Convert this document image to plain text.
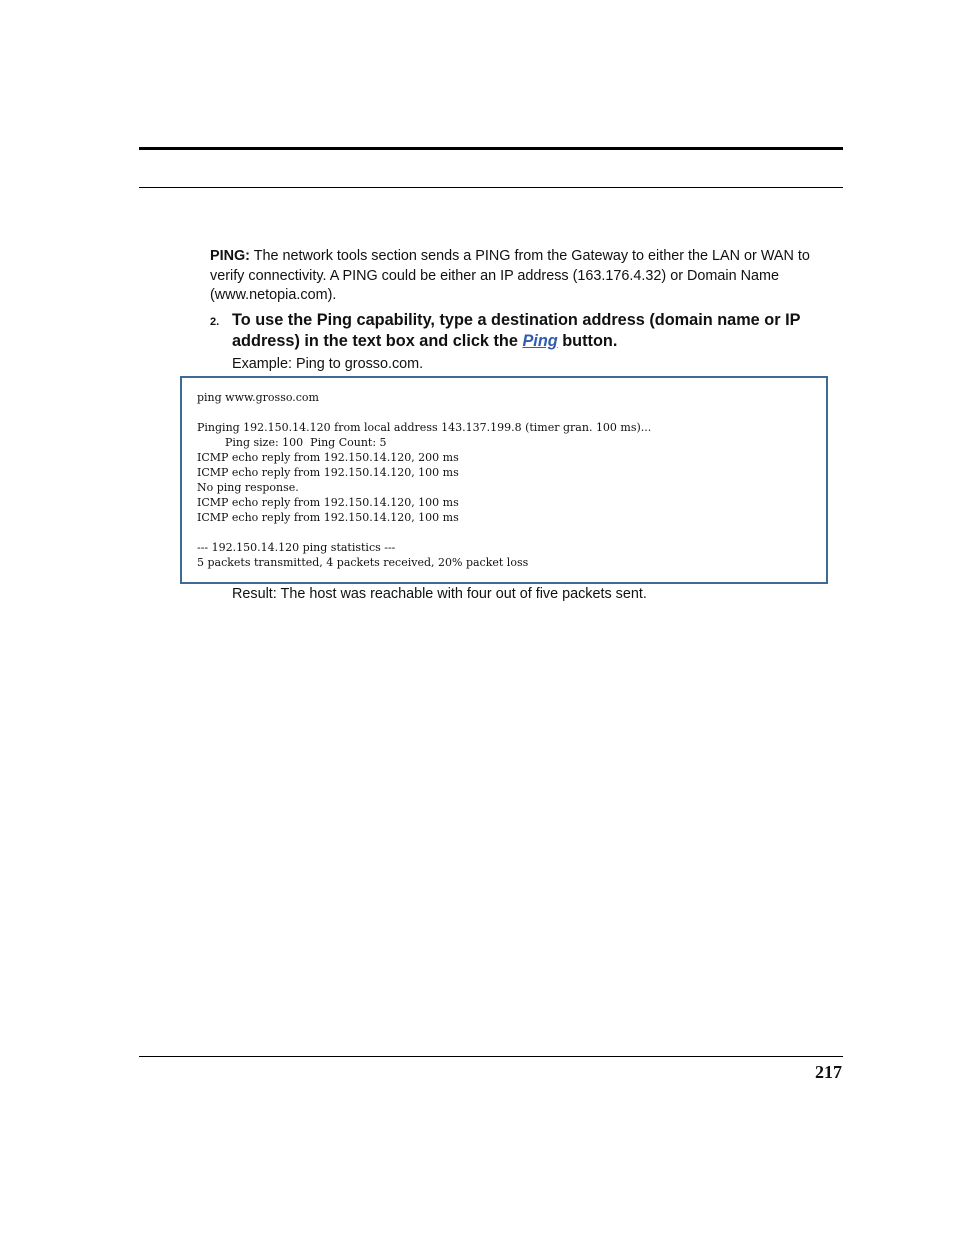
PING: The network tools section sends a PING from the Gateway to either the LAN or WAN to verify connectivity. A PING could be either an IP address (163.176.4.32) or Domain Name (www.netopia.com).

2. To use the Ping capability, type a destination address (domain name or IP address) in the text box and click the Ping button.

Example: Ping to grosso.com.

ping www.grosso.com
Pinging 192.150.14.120 from local address 143.137.199.8 (timer gran. 100 ms)...
Ping size: 100  Ping Count: 5
ICMP echo reply from 192.150.14.120, 200 ms
ICMP echo reply from 192.150.14.120, 100 ms
No ping response.
ICMP echo reply from 192.150.14.120, 100 ms
ICMP echo reply from 192.150.14.120, 100 ms
--- 192.150.14.120 ping statistics ---
5 packets transmitted, 4 packets received, 20% packet loss

Result: The host was reachable with four out of five packets sent.

217
